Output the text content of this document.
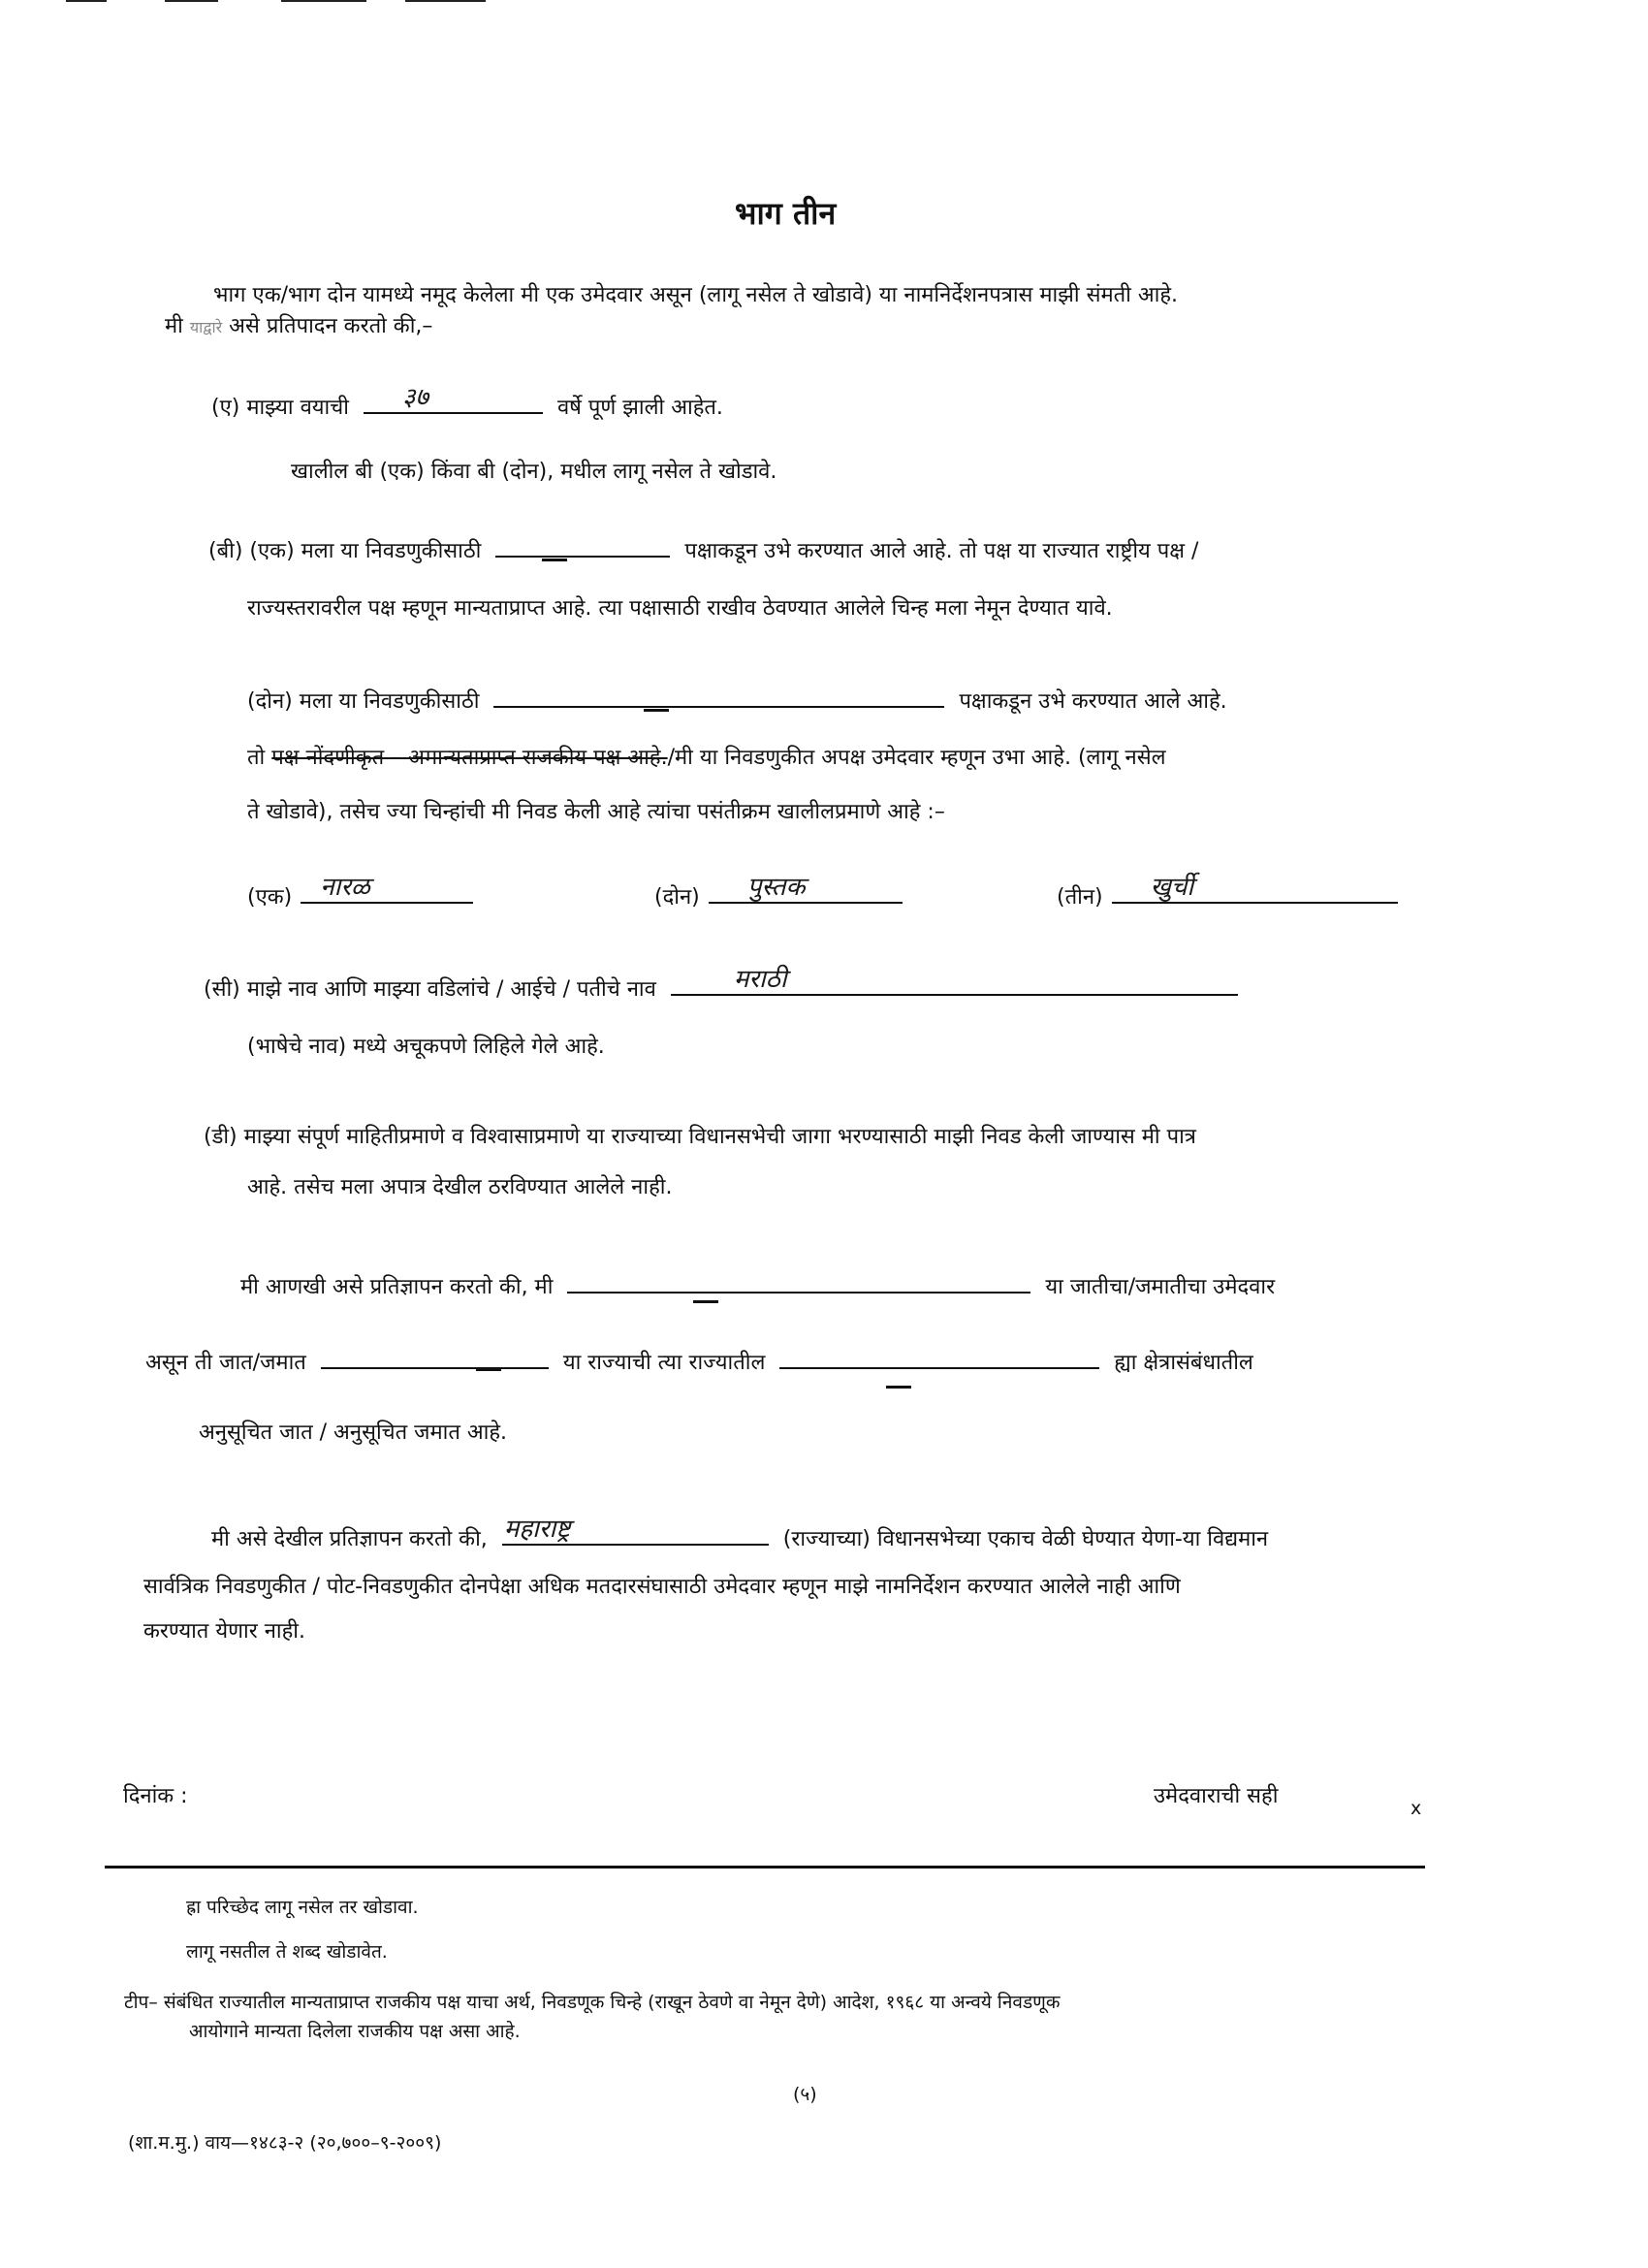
भाग तीन
भाग एक/भाग दोन यामध्ये नमूद केलेला मी एक उमेदवार असून (लागू नसेल ते खोडावे) या नामनिर्देशनपत्रास माझी संमती आहे.
मी याद्वारे असे प्रतिपादन करतो की,–
(ए) माझ्या वयाची ३७	वर्षे पूर्ण झाली आहेत.
खालील बी (एक) किंवा बी (दोन), मधील लागू नसेल ते खोडावे.
(बी) (एक) मला या निवडणुकीसाठी	पक्षाकडून उभे करण्यात आले आहे. तो पक्ष या राज्यात राष्ट्रीय पक्ष /
राज्यस्तरावरील पक्ष म्हणून मान्यताप्राप्त आहे. त्या पक्षासाठी राखीव ठेवण्यात आलेले चिन्ह मला नेमून देण्यात यावे.
(दोन) मला या निवडणुकीसाठी	पक्षाकडून उभे करण्यात आले आहे.
तो पक्ष नोंदणीकृत – अमान्यताप्राप्त राजकीय पक्ष आहे./मी या निवडणुकीत अपक्ष उमेदवार म्हणून उभा आहे. (लागू नसेल
ते खोडावे), तसेच ज्या चिन्हांची मी निवड केली आहे त्यांचा पसंतीक्रम खालीलप्रमाणे आहे :–
(एक) नारळ	(दोन) पुस्तक	(तीन) खुर्ची
(सी) माझे नाव आणि माझ्या वडिलांचे / आईचे / पतीचे नाव	मराठी
(भाषेचे नाव) मध्ये अचूकपणे लिहिले गेले आहे.
(डी) माझ्या संपूर्ण माहितीप्रमाणे व विश्वासाप्रमाणे या राज्याच्या विधानसभेची जागा भरण्यासाठी माझी निवड केली जाण्यास मी पात्र
आहे. तसेच मला अपात्र देखील ठरविण्यात आलेले नाही.
मी आणखी असे प्रतिज्ञापन करतो की, मी	या जातीचा/जमातीचा उमेदवार
असून ती जात/जमात	या राज्याची त्या राज्यातील	ह्या क्षेत्रासंबंधातील
अनुसूचित जात / अनुसूचित जमात आहे.
मी असे देखील प्रतिज्ञापन करतो की, महाराष्ट्र	(राज्याच्या) विधानसभेच्या एकाच वेळी घेण्यात येणा-या विद्यमान
सार्वत्रिक निवडणुकीत / पोट-निवडणुकीत दोनपेक्षा अधिक मतदारसंघासाठी उमेदवार म्हणून माझे नामनिर्देशन करण्यात आलेले नाही आणि
करण्यात येणार नाही.
दिनांक :	उमेदवाराची सही	x
ह्रा परिच्छेद लागू नसेल तर खोडावा.
लागू नसतील ते शब्द खोडावेत.
टीप– संबंधित राज्यातील मान्यताप्राप्त राजकीय पक्ष याचा अर्थ, निवडणूक चिन्हे (राखून ठेवणे वा नेमून देणे) आदेश, १९६८ या अन्वये निवडणूक
आयोगाने मान्यता दिलेला राजकीय पक्ष असा आहे.
(५)
(शा.म.मु.) वाय—१४८३-२ (२०,७००–९-२००९)
